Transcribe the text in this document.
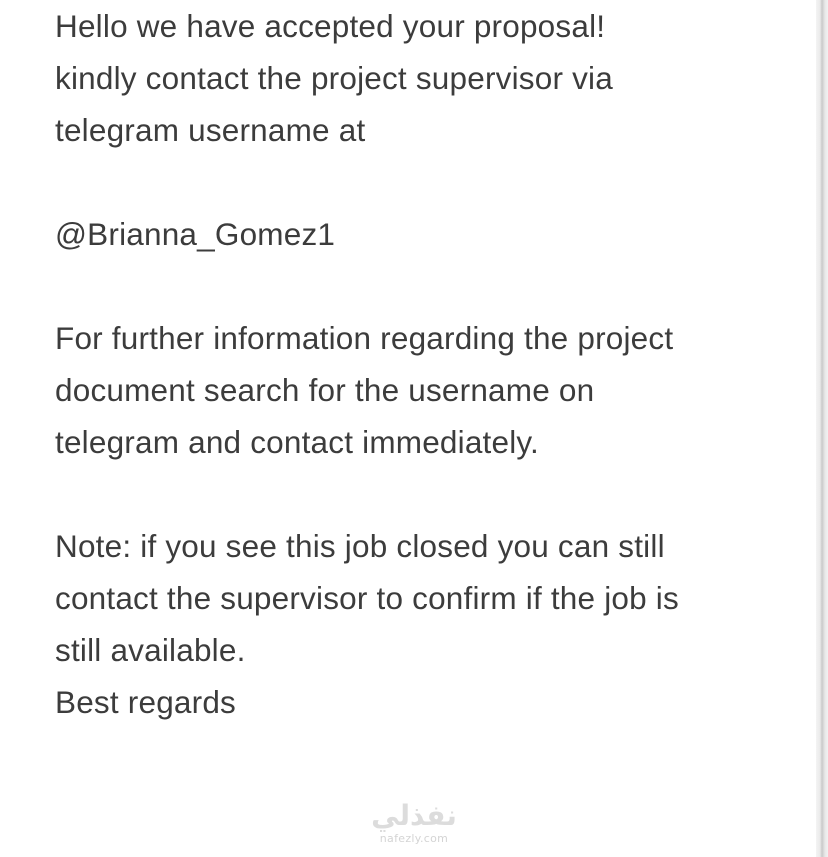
Hello we have accepted your proposal!
kindly contact the project supervisor via
telegram username at
@Brianna_Gomez1
For further information regarding the project
document search for the username on
telegram and contact immediately.
Note: if you see this job closed you can still
contact the supervisor to confirm if the job is
still available.
Best regards
نفذلي
nafezly.com
